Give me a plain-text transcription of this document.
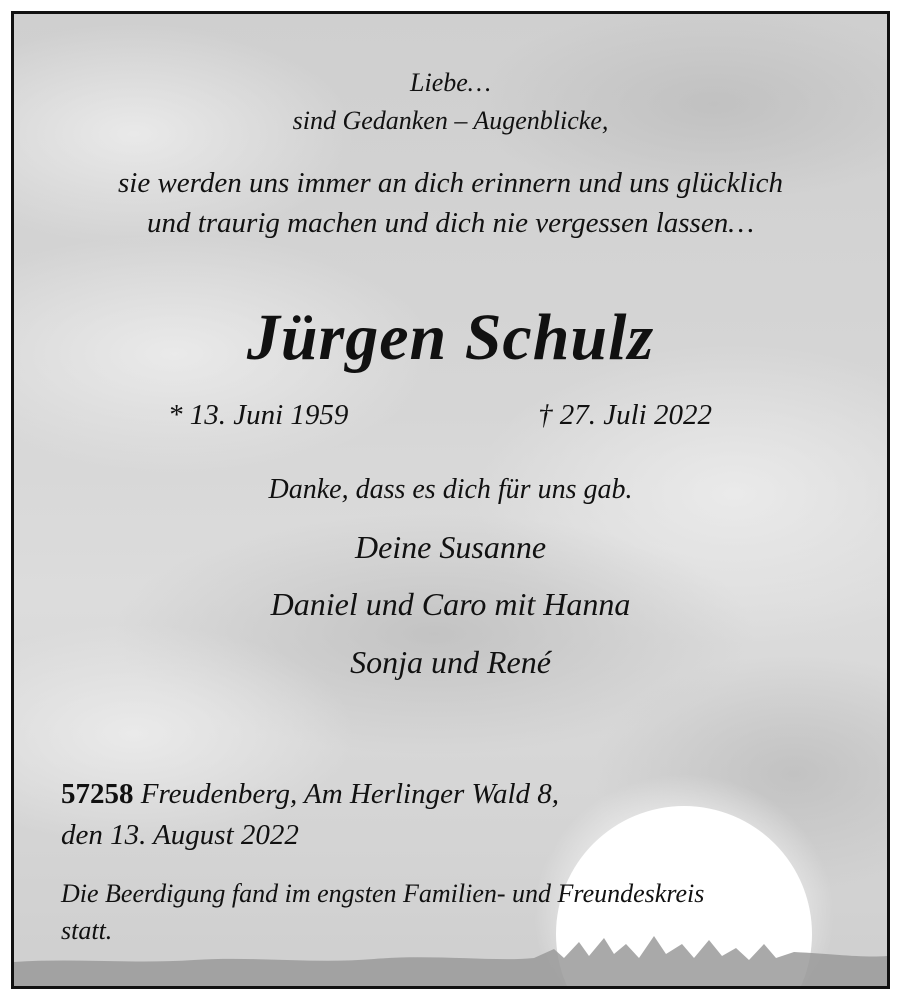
Liebe…
sind Gedanken – Augenblicke,
sie werden uns immer an dich erinnern und uns glücklich
und traurig machen und dich nie vergessen lassen…
Jürgen Schulz
* 13. Juni 1959	† 27. Juli 2022
Danke, dass es dich für uns gab.
Deine Susanne
Daniel und Caro mit Hanna
Sonja und René
57258 Freudenberg, Am Herlinger Wald 8,
den 13. August 2022
Die Beerdigung fand im engsten Familien- und Freundeskreis
statt.
